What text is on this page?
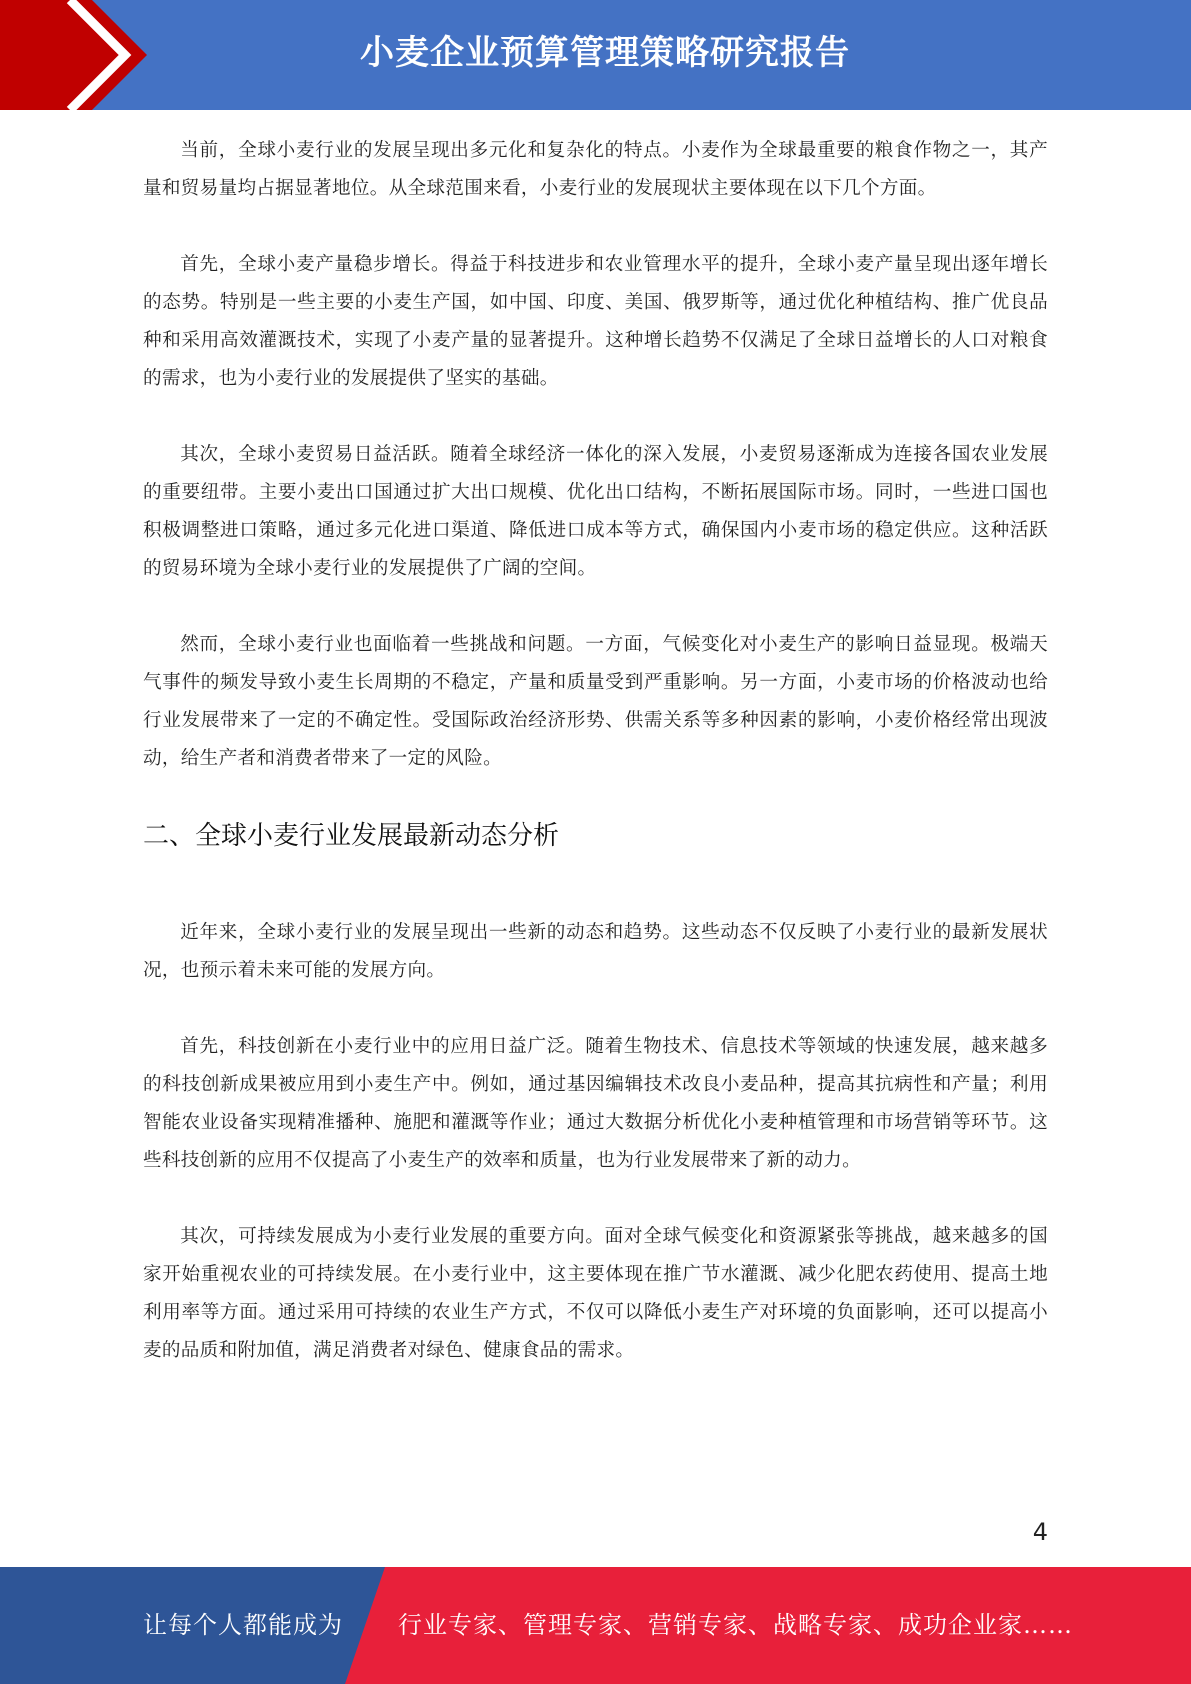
小麦企业预算管理策略研究报告

当前，全球小麦行业的发展呈现出多元化和复杂化的特点。小麦作为全球最重要的粮食作物之一，其产量和贸易量均占据显著地位。从全球范围来看，小麦行业的发展现状主要体现在以下几个方面。

首先，全球小麦产量稳步增长。得益于科技进步和农业管理水平的提升，全球小麦产量呈现出逐年增长的态势。特别是一些主要的小麦生产国，如中国、印度、美国、俄罗斯等，通过优化种植结构、推广优良品种和采用高效灌溉技术，实现了小麦产量的显著提升。这种增长趋势不仅满足了全球日益增长的人口对粮食的需求，也为小麦行业的发展提供了坚实的基础。

其次，全球小麦贸易日益活跃。随着全球经济一体化的深入发展，小麦贸易逐渐成为连接各国农业发展的重要纽带。主要小麦出口国通过扩大出口规模、优化出口结构，不断拓展国际市场。同时，一些进口国也积极调整进口策略，通过多元化进口渠道、降低进口成本等方式，确保国内小麦市场的稳定供应。这种活跃的贸易环境为全球小麦行业的发展提供了广阔的空间。

然而，全球小麦行业也面临着一些挑战和问题。一方面，气候变化对小麦生产的影响日益显现。极端天气事件的频发导致小麦生长周期的不稳定，产量和质量受到严重影响。另一方面，小麦市场的价格波动也给行业发展带来了一定的不确定性。受国际政治经济形势、供需关系等多种因素的影响，小麦价格经常出现波动，给生产者和消费者带来了一定的风险。

二、全球小麦行业发展最新动态分析

近年来，全球小麦行业的发展呈现出一些新的动态和趋势。这些动态不仅反映了小麦行业的最新发展状况，也预示着未来可能的发展方向。

首先，科技创新在小麦行业中的应用日益广泛。随着生物技术、信息技术等领域的快速发展，越来越多的科技创新成果被应用到小麦生产中。例如，通过基因编辑技术改良小麦品种，提高其抗病性和产量；利用智能农业设备实现精准播种、施肥和灌溉等作业；通过大数据分析优化小麦种植管理和市场营销等环节。这些科技创新的应用不仅提高了小麦生产的效率和质量，也为行业发展带来了新的动力。

其次，可持续发展成为小麦行业发展的重要方向。面对全球气候变化和资源紧张等挑战，越来越多的国家开始重视农业的可持续发展。在小麦行业中，这主要体现在推广节水灌溉、减少化肥农药使用、提高土地利用率等方面。通过采用可持续的农业生产方式，不仅可以降低小麦生产对环境的负面影响，还可以提高小麦的品质和附加值，满足消费者对绿色、健康食品的需求。

4
让每个人都能成为 行业专家、管理专家、营销专家、战略专家、成功企业家……
